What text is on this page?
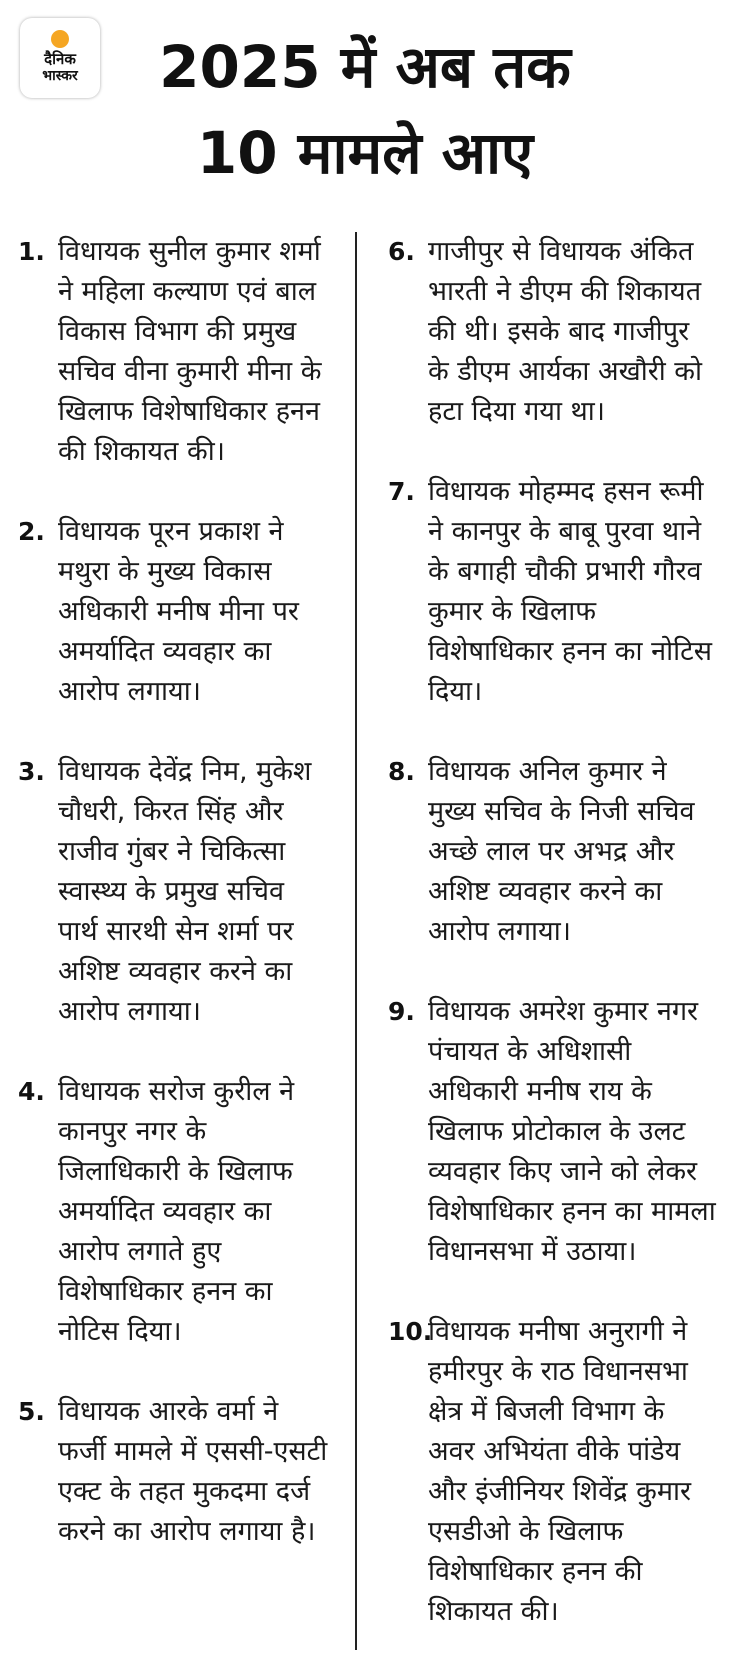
दैनिक
भास्कर	2025 में अब तक
10 मामले आए
1. विधायक सुनील कुमार शर्मा ने महिला कल्याण एवं बाल विकास विभाग की प्रमुख सचिव वीना कुमारी मीना के खिलाफ विशेषाधिकार हनन की शिकायत की।

2. विधायक पूरन प्रकाश ने मथुरा के मुख्य विकास अधिकारी मनीष मीना पर अमर्यादित व्यवहार का आरोप लगाया।

3. विधायक देवेंद्र निम, मुकेश चौधरी, किरत सिंह और राजीव गुंबर ने चिकित्सा स्वास्थ्य के प्रमुख सचिव पार्थ सारथी सेन शर्मा पर अशिष्ट व्यवहार करने का आरोप लगाया।

4. विधायक सरोज कुरील ने कानपुर नगर के जिलाधिकारी के खिलाफ अमर्यादित व्यवहार का आरोप लगाते हुए विशेषाधिकार हनन का नोटिस दिया।

5. विधायक आरके वर्मा ने फर्जी मामले में एससी-एसटी एक्ट के तहत मुकदमा दर्ज करने का आरोप लगाया है।

6. गाजीपुर से विधायक अंकित भारती ने डीएम की शिकायत की थी। इसके बाद गाजीपुर के डीएम आर्यका अखौरी को हटा दिया गया था।

7. विधायक मोहम्मद हसन रूमी ने कानपुर के बाबू पुरवा थाने के बगाही चौकी प्रभारी गौरव कुमार के खिलाफ विशेषाधिकार हनन का नोटिस दिया।

8. विधायक अनिल कुमार ने मुख्य सचिव के निजी सचिव अच्छे लाल पर अभद्र और अशिष्ट व्यवहार करने का आरोप लगाया।

9. विधायक अमरेश कुमार नगर पंचायत के अधिशासी अधिकारी मनीष राय के खिलाफ प्रोटोकाल के उलट व्यवहार किए जाने को लेकर विशेषाधिकार हनन का मामला विधानसभा में उठाया।

10.

विधायक मनीषा अनुरागी ने हमीरपुर के राठ विधानसभा क्षेत्र में बिजली विभाग के अवर अभियंता वीके पांडेय और इंजीनियर शिवेंद्र कुमार एसडीओ के खिलाफ विशेषाधिकार हनन की शिकायत की।
